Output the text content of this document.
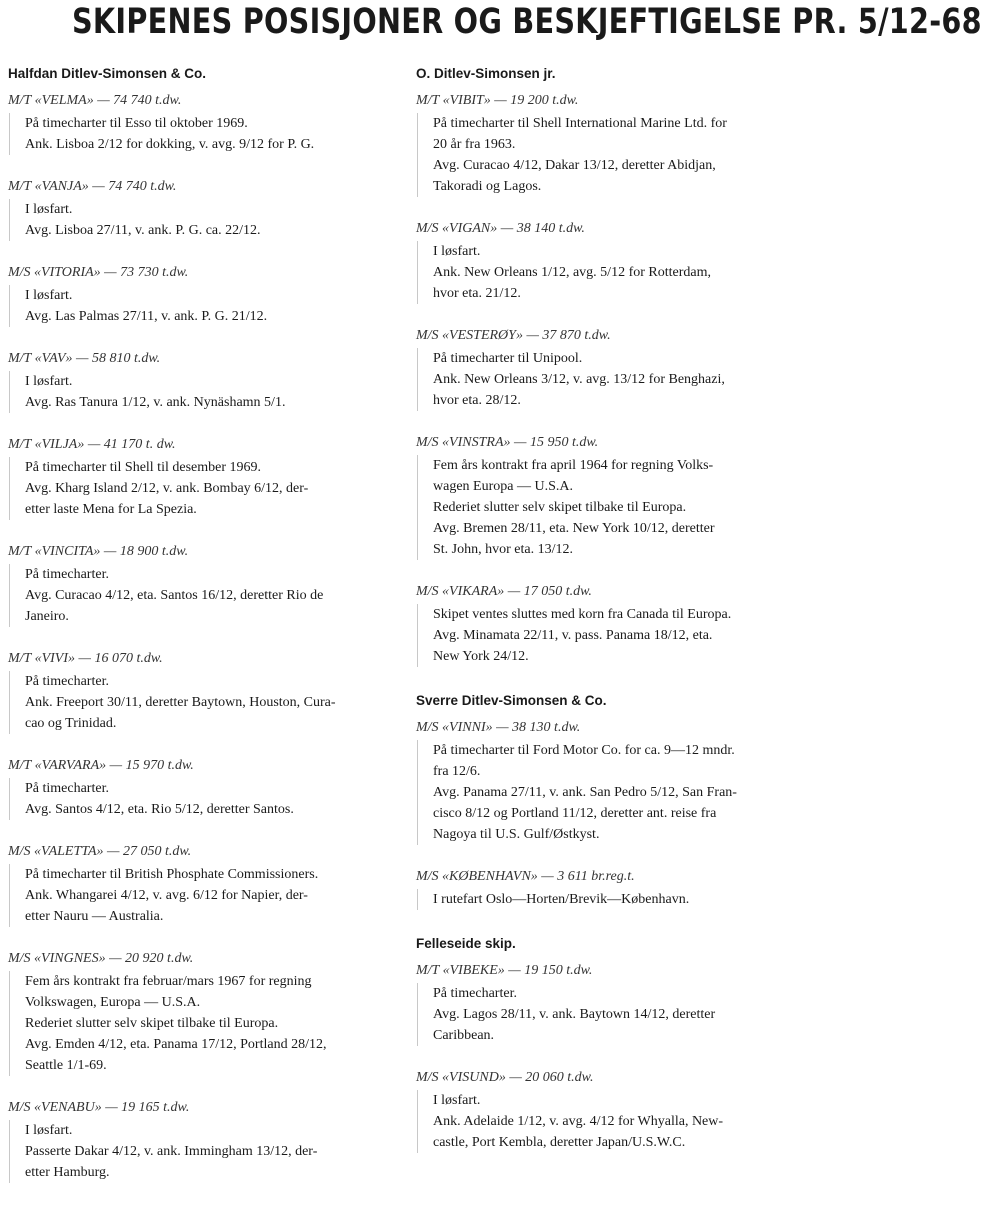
SKIPENES POSISJONER OG BESKJEFTIGELSE PR. 5/12-68
Halfdan Ditlev-Simonsen & Co.
M/T «VELMA» — 74 740 t.dw.
På timecharter til Esso til oktober 1969.
Ank. Lisboa 2/12 for dokking, v. avg. 9/12 for P. G.
M/T «VANJA» — 74 740 t.dw.
I løsfart.
Avg. Lisboa 27/11, v. ank. P. G. ca. 22/12.
M/S «VITORIA» — 73 730 t.dw.
I løsfart.
Avg. Las Palmas 27/11, v. ank. P. G. 21/12.
M/T «VAV» — 58 810 t.dw.
I løsfart.
Avg. Ras Tanura 1/12, v. ank. Nynäshamn 5/1.
M/T «VILJA» — 41 170 t. dw.
På timecharter til Shell til desember 1969.
Avg. Kharg Island 2/12, v. ank. Bombay 6/12, der-
etter laste Mena for La Spezia.
M/T «VINCITA» — 18 900 t.dw.
På timecharter.
Avg. Curacao 4/12, eta. Santos 16/12, deretter Rio de
Janeiro.
M/T «VIVI» — 16 070 t.dw.
På timecharter.
Ank. Freeport 30/11, deretter Baytown, Houston, Cura-
cao og Trinidad.
M/T «VARVARA» — 15 970 t.dw.
På timecharter.
Avg. Santos 4/12, eta. Rio 5/12, deretter Santos.
M/S «VALETTA» — 27 050 t.dw.
På timecharter til British Phosphate Commissioners.
Ank. Whangarei 4/12, v. avg. 6/12 for Napier, der-
etter Nauru — Australia.
M/S «VINGNES» — 20 920 t.dw.
Fem års kontrakt fra februar/mars 1967 for regning
Volkswagen, Europa — U.S.A.
Rederiet slutter selv skipet tilbake til Europa.
Avg. Emden 4/12, eta. Panama 17/12, Portland 28/12,
Seattle 1/1-69.
M/S «VENABU» — 19 165 t.dw.
I løsfart.
Passerte Dakar 4/12, v. ank. Immingham 13/12, der-
etter Hamburg.
O. Ditlev-Simonsen jr.
M/T «VIBIT» — 19 200 t.dw.
På timecharter til Shell International Marine Ltd. for
20 år fra 1963.
Avg. Curacao 4/12, Dakar 13/12, deretter Abidjan,
Takoradi og Lagos.
M/S «VIGAN» — 38 140 t.dw.
I løsfart.
Ank. New Orleans 1/12, avg. 5/12 for Rotterdam,
hvor eta. 21/12.
M/S «VESTERØY» — 37 870 t.dw.
På timecharter til Unipool.
Ank. New Orleans 3/12, v. avg. 13/12 for Benghazi,
hvor eta. 28/12.
M/S «VINSTRA» — 15 950 t.dw.
Fem års kontrakt fra april 1964 for regning Volks-
wagen Europa — U.S.A.
Rederiet slutter selv skipet tilbake til Europa.
Avg. Bremen 28/11, eta. New York 10/12, deretter
St. John, hvor eta. 13/12.
M/S «VIKARA» — 17 050 t.dw.
Skipet ventes sluttes med korn fra Canada til Europa.
Avg. Minamata 22/11, v. pass. Panama 18/12, eta.
New York 24/12.
Sverre Ditlev-Simonsen & Co.
M/S «VINNI» — 38 130 t.dw.
På timecharter til Ford Motor Co. for ca. 9—12 mndr.
fra 12/6.
Avg. Panama 27/11, v. ank. San Pedro 5/12, San Fran-
cisco 8/12 og Portland 11/12, deretter ant. reise fra
Nagoya til U.S. Gulf/Østkyst.
M/S «KØBENHAVN» — 3 611 br.reg.t.
I rutefart Oslo—Horten/Brevik—København.
Felleseide skip.
M/T «VIBEKE» — 19 150 t.dw.
På timecharter.
Avg. Lagos 28/11, v. ank. Baytown 14/12, deretter
Caribbean.
M/S «VISUND» — 20 060 t.dw.
I løsfart.
Ank. Adelaide 1/12, v. avg. 4/12 for Whyalla, New-
castle, Port Kembla, deretter Japan/U.S.W.C.
